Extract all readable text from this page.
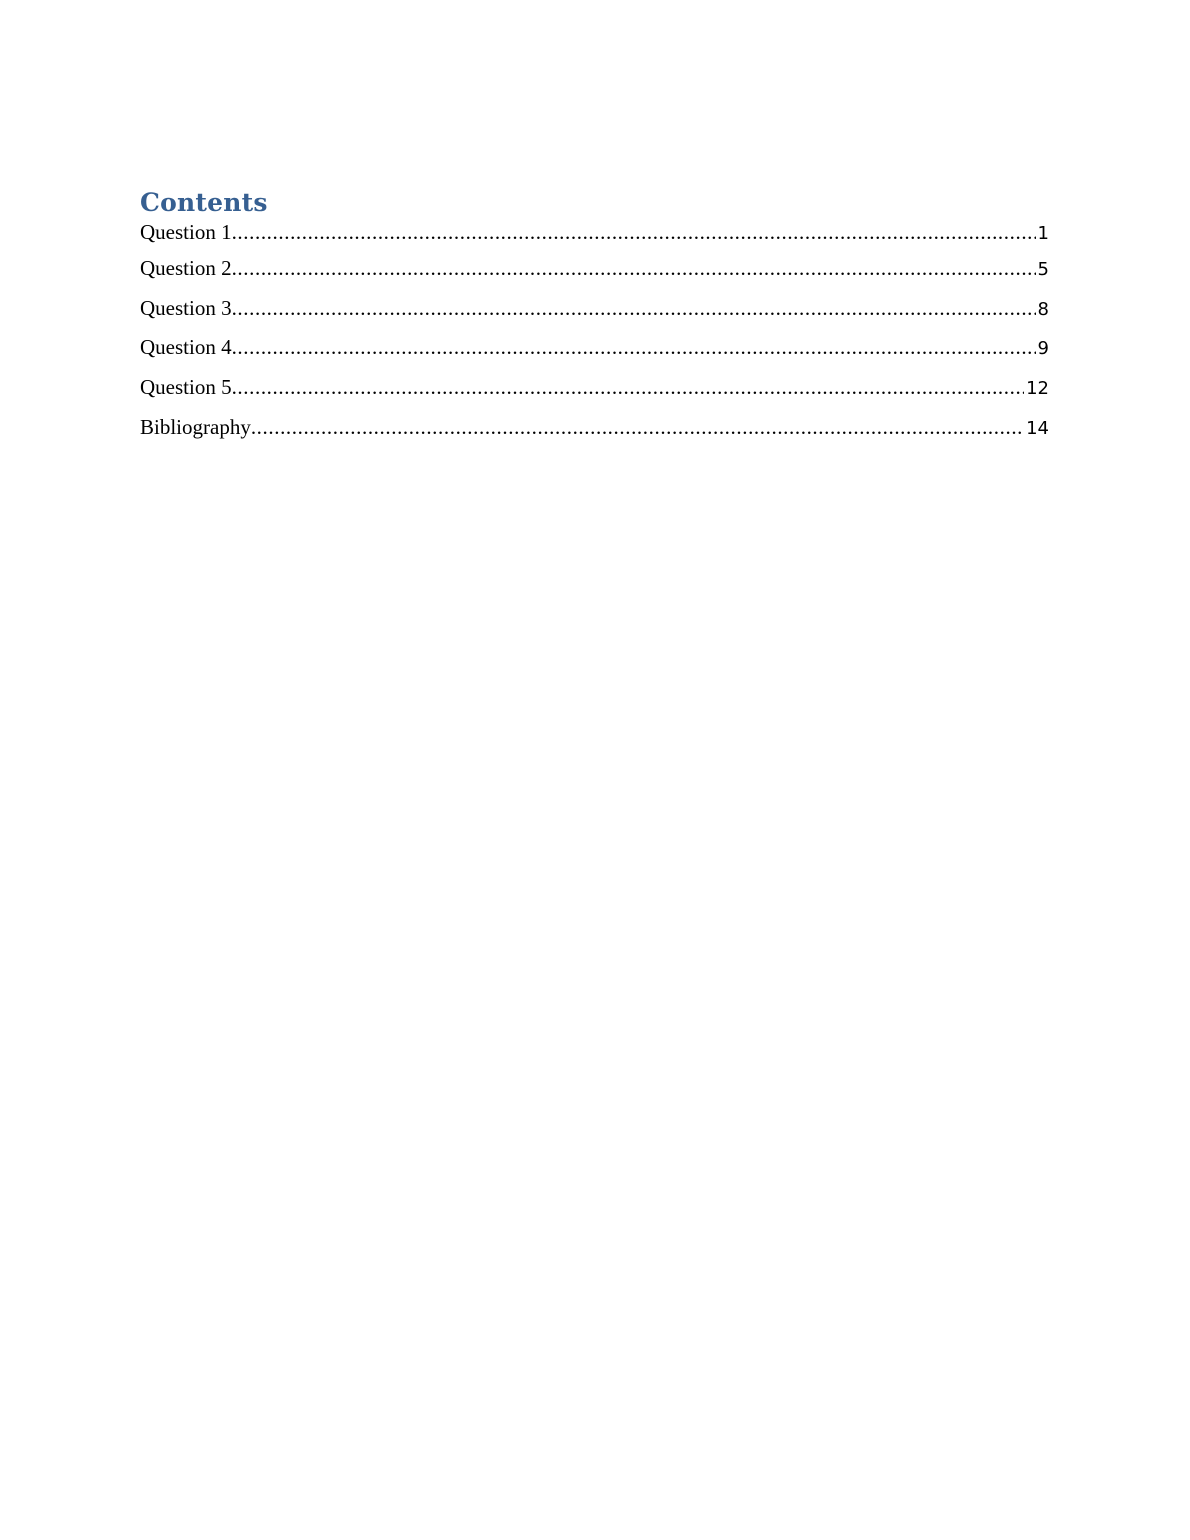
Contents
Question 1 .....	1
Question 2 .....	5
Question 3 .....	8
Question 4 .....	9
Question 5 .....	12
Bibliography .....	14
